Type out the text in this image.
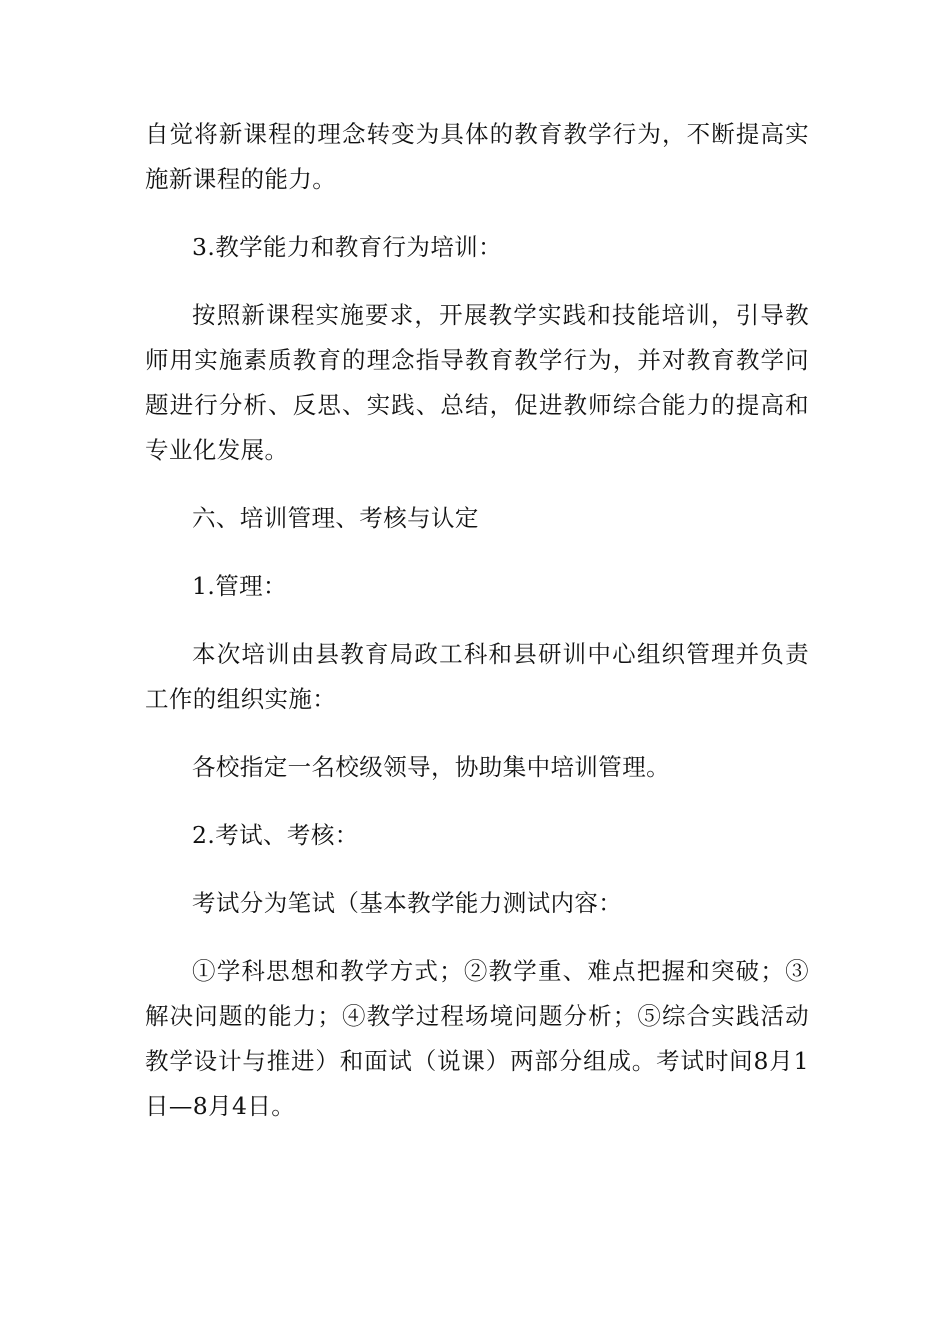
自觉将新课程的理念转变为具体的教育教学行为，不断提高实施新课程的能力。

3.教学能力和教育行为培训：

按照新课程实施要求，开展教学实践和技能培训，引导教师用实施素质教育的理念指导教育教学行为，并对教育教学问题进行分析、反思、实践、总结，促进教师综合能力的提高和专业化发展。

六、培训管理、考核与认定

1.管理：

本次培训由县教育局政工科和县研训中心组织管理并负责工作的组织实施：

各校指定一名校级领导，协助集中培训管理。

2.考试、考核：

考试分为笔试（基本教学能力测试内容：

①学科思想和教学方式；②教学重、难点把握和突破；③解决问题的能力；④教学过程场境问题分析；⑤综合实践活动教学设计与推进）和面试（说课）两部分组成。考试时间8月1日—8月4日。
